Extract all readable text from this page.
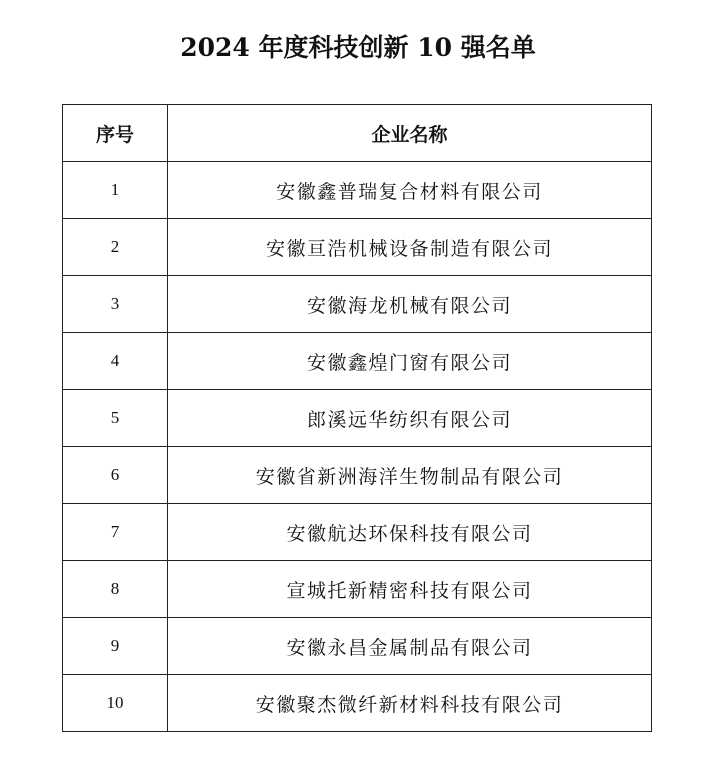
2024 年度科技创新 10 强名单
序号	企业名称
1	安徽鑫普瑞复合材料有限公司
2	安徽亘浩机械设备制造有限公司
3	安徽海龙机械有限公司
4	安徽鑫煌门窗有限公司
5	郎溪远华纺织有限公司
6	安徽省新洲海洋生物制品有限公司
7	安徽航达环保科技有限公司
8	宣城托新精密科技有限公司
9	安徽永昌金属制品有限公司
10	安徽聚杰微纤新材料科技有限公司
